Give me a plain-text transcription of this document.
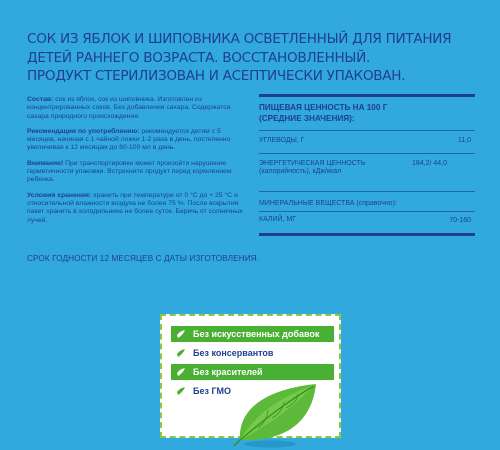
СОК ИЗ ЯБЛОК И ШИПОВНИКА ОСВЕТЛЕННЫЙ ДЛЯ ПИТАНИЯ
ДЕТЕЙ РАННЕГО ВОЗРАСТА. ВОССТАНОВЛЕННЫЙ.
ПРОДУКТ СТЕРИЛИЗОВАН И АСЕПТИЧЕСКИ УПАКОВАН.

Состав: сок из яблок, сок из шиповника. Изготовлен из концентрированных соков. Без добавления сахара. Содержатся сахара природного происхождения.

Рекомендации по употреблению: рекомендуется детям с 5 месяцев, начиная с 1 чайной ложки 1-2 раза в день, постепенно увеличивая к 12 месяцам до 80-100 мл в день.

Внимание! При транспортировке может произойти нарушение герметичности упаковки. Встряхните продукт перед кормлением ребенка.

Условия хранения: хранить при температуре от 0 °С до + 25 °С и относительной влажности воздуха не более 75 %. После вскрытия пакет хранить в холодильнике не более суток. Беречь от солнечных лучей.

СРОК ГОДНОСТИ 12 МЕСЯЦЕВ С ДАТЫ ИЗГОТОВЛЕНИЯ.
ПИЩЕВАЯ ЦЕННОСТЬ НА 100 Г
(СРЕДНИЕ ЗНАЧЕНИЯ):
УГЛЕВОДЫ, Г	11,0
ЭНЕРГЕТИЧЕСКАЯ ЦЕННОСТЬ
(калорийность), кДж/ккал
184,2/ 44,0
МИНЕРАЛЬНЫЕ ВЕЩЕСТВА (справочно):
КАЛИЙ, МГ	70-160
Без искусственных добавок
Без консервантов
Без красителей
Без ГМО
